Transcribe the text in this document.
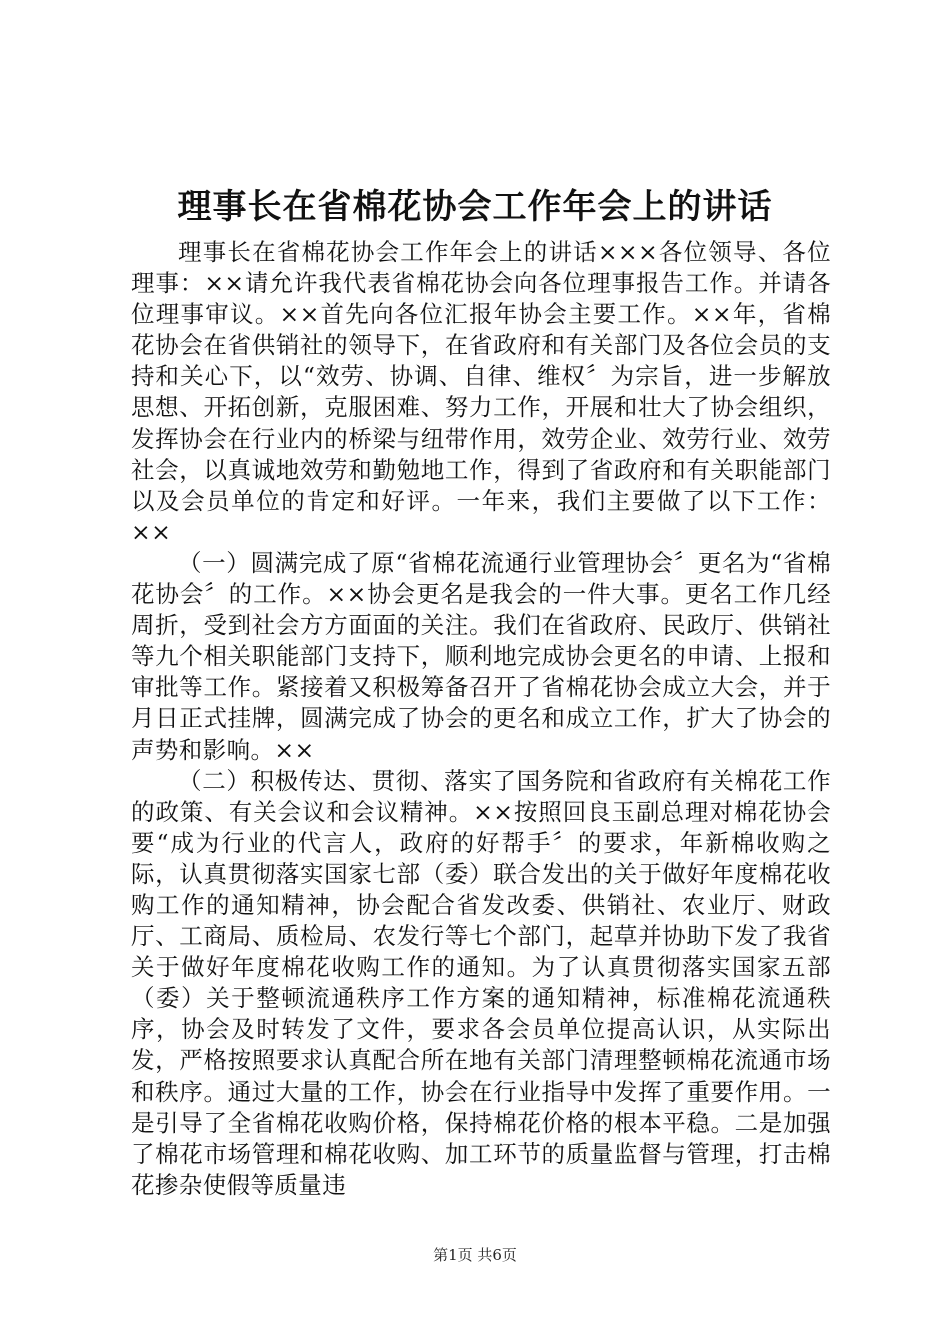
理事长在省棉花协会工作年会上的讲话

理事长在省棉花协会工作年会上的讲话×××各位领导、各位理事：××请允许我代表省棉花协会向各位理事报告工作。并请各位理事审议。××首先向各位汇报年协会主要工作。××年，省棉花协会在省供销社的领导下，在省政府和有关部门及各位会员的支持和关心下，以“效劳、协调、自律、维权〞为宗旨，进一步解放思想、开拓创新，克服困难、努力工作，开展和壮大了协会组织，发挥协会在行业内的桥梁与纽带作用，效劳企业、效劳行业、效劳社会，以真诚地效劳和勤勉地工作，得到了省政府和有关职能部门以及会员单位的肯定和好评。一年来，我们主要做了以下工作：××

（一）圆满完成了原“省棉花流通行业管理协会〞更名为“省棉花协会〞的工作。××协会更名是我会的一件大事。更名工作几经周折，受到社会方方面面的关注。我们在省政府、民政厅、供销社等九个相关职能部门支持下，顺利地完成协会更名的申请、上报和审批等工作。紧接着又积极筹备召开了省棉花协会成立大会，并于月日正式挂牌，圆满完成了协会的更名和成立工作，扩大了协会的声势和影响。××

（二）积极传达、贯彻、落实了国务院和省政府有关棉花工作的政策、有关会议和会议精神。××按照回良玉副总理对棉花协会要“成为行业的代言人，政府的好帮手〞的要求，年新棉收购之际，认真贯彻落实国家七部（委）联合发出的关于做好年度棉花收购工作的通知精神，协会配合省发改委、供销社、农业厅、财政厅、工商局、质检局、农发行等七个部门，起草并协助下发了我省关于做好年度棉花收购工作的通知。为了认真贯彻落实国家五部（委）关于整顿流通秩序工作方案的通知精神，标准棉花流通秩序，协会及时转发了文件，要求各会员单位提高认识，从实际出发，严格按照要求认真配合所在地有关部门清理整顿棉花流通市场和秩序。通过大量的工作，协会在行业指导中发挥了重要作用。一是引导了全省棉花收购价格，保持棉花价格的根本平稳。二是加强了棉花市场管理和棉花收购、加工环节的质量监督与管理，打击棉花掺杂使假等质量违

第1页 共6页
